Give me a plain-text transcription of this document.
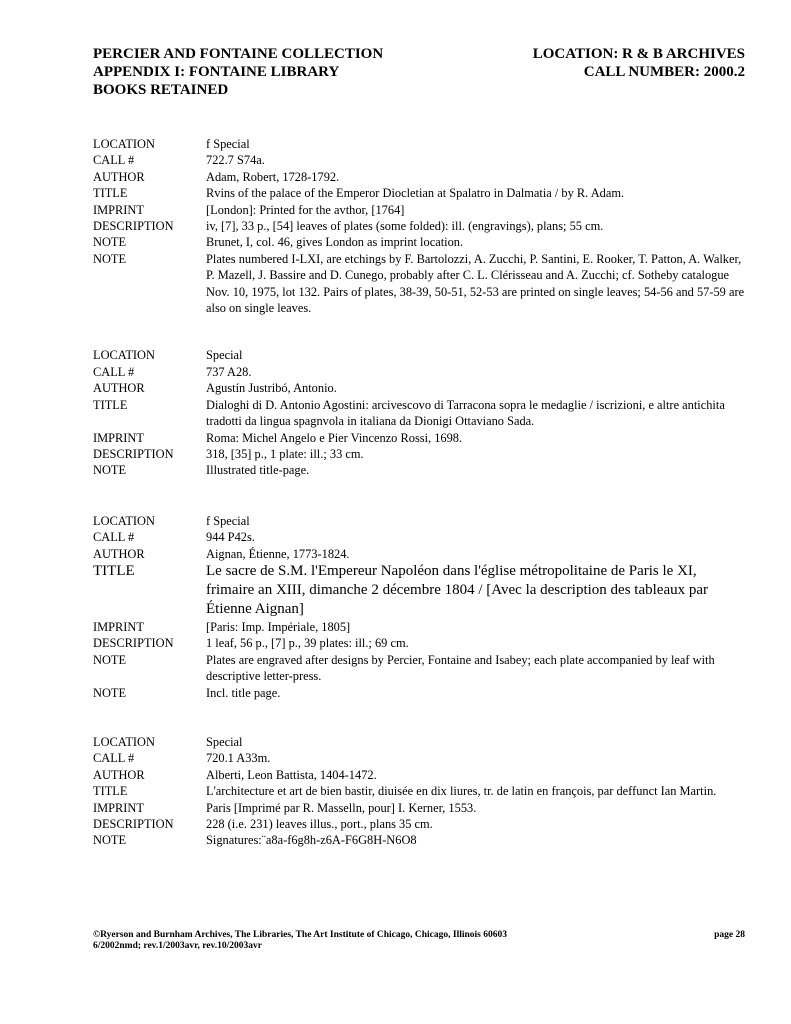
PERCIER AND FONTAINE COLLECTION
APPENDIX I: FONTAINE LIBRARY
BOOKS RETAINED
LOCATION: R & B ARCHIVES
CALL NUMBER: 2000.2
LOCATION	f Special
CALL #	722.7 S74a.
AUTHOR	Adam, Robert, 1728-1792.
TITLE	Rvins of the palace of the Emperor Diocletian at Spalatro in Dalmatia / by R. Adam.
IMPRINT	[London]: Printed for the avthor, [1764]
DESCRIPTION	iv, [7], 33 p., [54] leaves of plates (some folded): ill. (engravings), plans; 55 cm.
NOTE	Brunet, I, col. 46, gives London as imprint location.
NOTE	Plates numbered I-LXI, are etchings by F. Bartolozzi, A. Zucchi, P. Santini, E. Rooker, T. Patton, A. Walker, P. Mazell, J. Bassire and D. Cunego, probably after C. L. Clérisseau and A. Zucchi; cf. Sotheby catalogue Nov. 10, 1975, lot 132. Pairs of plates, 38-39, 50-51, 52-53 are printed on single leaves; 54-56 and 57-59 are also on single leaves.
LOCATION	Special
CALL #	737 A28.
AUTHOR	Agustín Justribó, Antonio.
TITLE	Dialoghi di D. Antonio Agostini: arcivescovo di Tarracona sopra le medaglie / iscrizioni, e altre antichita tradotti da lingua spagnvola in italiana da Dionigi Ottaviano Sada.
IMPRINT	Roma: Michel Angelo e Pier Vincenzo Rossi, 1698.
DESCRIPTION	318, [35] p., 1 plate: ill.; 33 cm.
NOTE	Illustrated title-page.
LOCATION	f Special
CALL #	944 P42s.
AUTHOR	Aignan, Étienne, 1773-1824.
TITLE	Le sacre de S.M. l'Empereur Napoléon dans l'église métropolitaine de Paris le XI, frimaire an XIII, dimanche 2 décembre 1804 / [Avec la description des tableaux par Étienne Aignan]
IMPRINT	[Paris: Imp. Impériale, 1805]
DESCRIPTION	1 leaf, 56 p., [7] p., 39 plates: ill.; 69 cm.
NOTE	Plates are engraved after designs by Percier, Fontaine and Isabey; each plate accompanied by leaf with descriptive letter-press.
NOTE	Incl. title page.
LOCATION	Special
CALL #	720.1 A33m.
AUTHOR	Alberti, Leon Battista, 1404-1472.
TITLE	L'architecture et art de bien bastir, diuisée en dix liures, tr. de latin en françois, par deffunct Ian Martin.
IMPRINT	Paris [Imprimé par R. Masselln, pour] I. Kerner, 1553.
DESCRIPTION	228 (i.e. 231) leaves illus., port., plans 35 cm.
NOTE	Signatures:¨a8a-f6g8h-z6A-F6G8H-N6O8
©Ryerson and Burnham Archives, The Libraries, The Art Institute of Chicago, Chicago, Illinois 60603
6/2002nmd; rev.1/2003avr, rev.10/2003avr
page 28
